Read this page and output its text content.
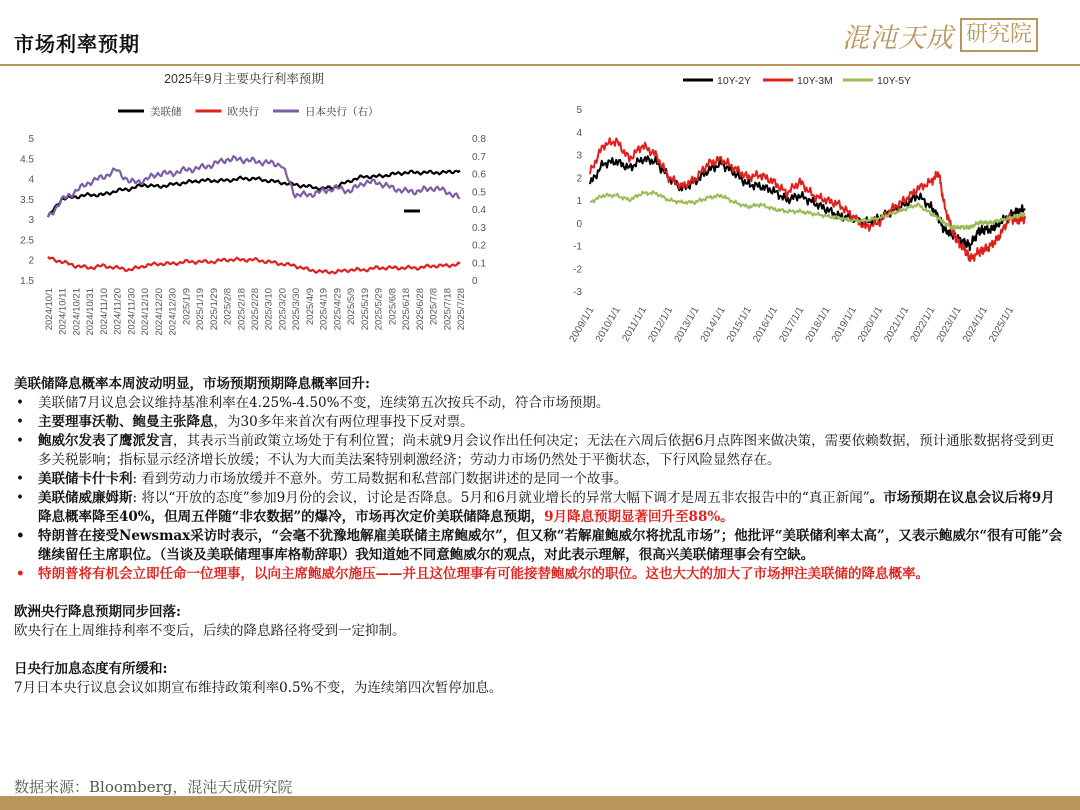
市场利率预期	混沌天成 研究院
2025年9月主要央行利率预期
美联储	欧央行	日本央行（右）
1.5
2
2.5
3
3.5
4
4.5
5
0
0.1
0.2
0.3
0.4
0.5
0.6
0.7
0.8
2024/10/1 2024/10/11 2024/10/21 2024/10/31 2024/11/10 2024/11/20 2024/11/30 2024/12/10 2024/12/20 2024/12/30 2025/1/9 2025/1/19 2025/1/29 2025/2/8 2025/2/18 2025/2/28 2025/3/10 2025/3/20 2025/3/30 2025/4/9 2025/4/19 2025/4/29 2025/5/9 2025/5/19 2025/5/29 2025/6/8 2025/6/18 2025/6/28 2025/7/8 2025/7/18 2025/7/28
10Y-2Y	10Y-3M	10Y-5Y
-3
-2
-1
0
1
2
3
4
5
2009/1/1
2010/1/1
2011/1/1
2012/1/1
2013/1/1
2014/1/1
2015/1/1
2016/1/1
2017/1/1
2018/1/1
2019/1/1
2020/1/1
2021/1/1
2022/1/1
2023/1/1
2024/1/1
2025/1/1

美联储降息概率本周波动明显，市场预期预期降息概率回升:

• 美联储7月议息会议维持基准利率在4.25%-4.50%不变，连续第五次按兵不动，符合市场预期。
• 主要理事沃勒、鲍曼主张降息，为30多年来首次有两位理事投下反对票。
• 鲍威尔发表了鹰派发言，其表示当前政策立场处于有利位置；尚未就9月会议作出任何决定；无法在六周后依据6月点阵图来做决策，需要依赖数据，预计通胀数据将受到更多关税影响；指标显示经济增长放缓；不认为大而美法案特别刺激经济；劳动力市场仍然处于平衡状态，下行风险显然存在。
• 美联储卡什卡利: 看到劳动力市场放缓并不意外。劳工局数据和私营部门数据讲述的是同一个故事。
• 美联储威廉姆斯: 将以“开放的态度”参加9月份的会议，讨论是否降息。5月和6月就业增长的异常大幅下调才是周五非农报告中的“真正新闻”。市场预期在议息会议后将9月降息概率降至40%，但周五伴随“非农数据”的爆冷，市场再次定价美联储降息预期，9月降息预期显著回升至88%。
• 特朗普在接受Newsmax采访时表示，“会毫不犹豫地解雇美联储主席鲍威尔”，但又称“若解雇鲍威尔将扰乱市场”；他批评“美联储利率太高”，又表示鲍威尔“很有可能”会继续留任主席职位。（当谈及美联储理事库格勒辞职）我知道她不同意鲍威尔的观点，对此表示理解，很高兴美联储理事会有空缺。
• 特朗普将有机会立即任命一位理事，以向主席鲍威尔施压——并且这位理事有可能接替鲍威尔的职位。这也大大的加大了市场押注美联储的降息概率。

欧洲央行降息预期同步回落:

欧央行在上周维持利率不变后，后续的降息路径将受到一定抑制。

日央行加息态度有所缓和:

7月日本央行议息会议如期宣布维持政策利率0.5%不变，为连续第四次暂停加息。

数据来源：Bloomberg，混沌天成研究院
